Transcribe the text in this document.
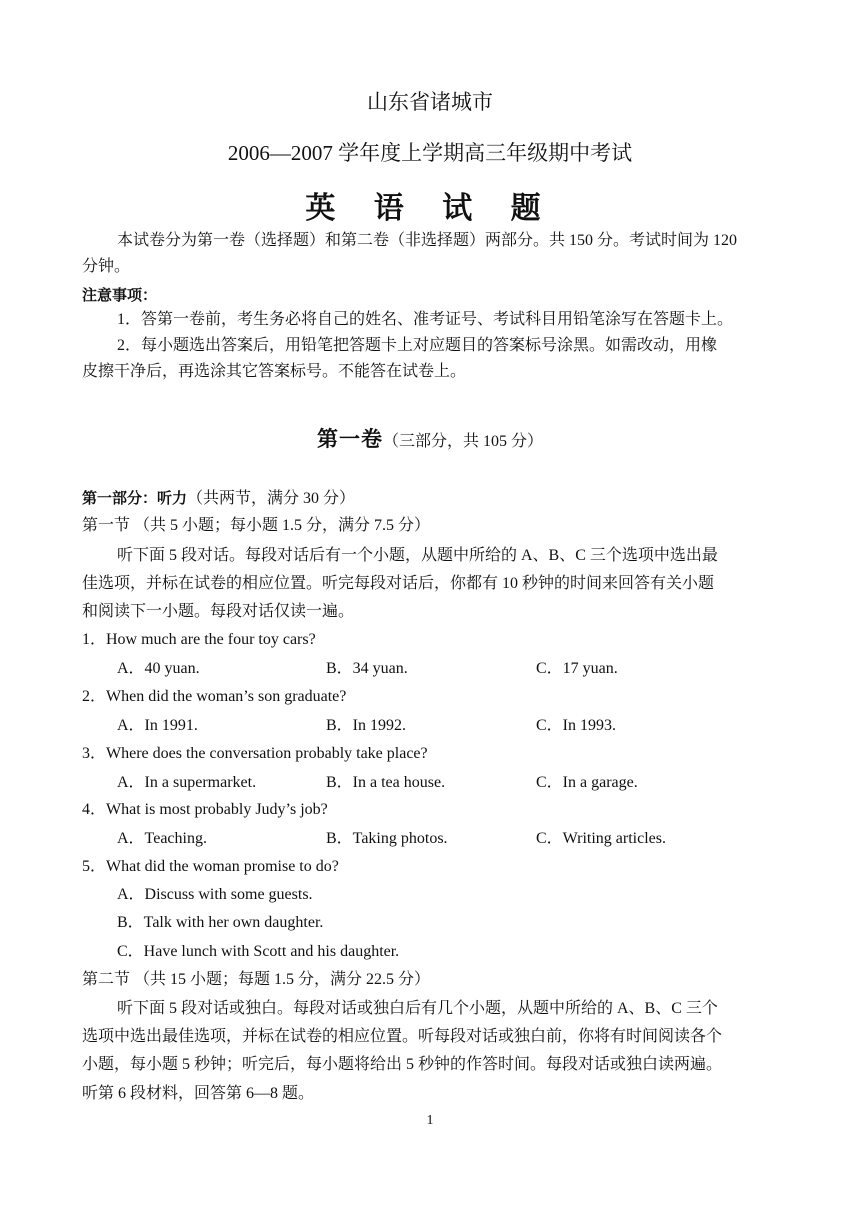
山东省诸城市
2006—2007 学年度上学期高三年级期中考试
英 语 试 题
本试卷分为第一卷（选择题）和第二卷（非选择题）两部分。共 150 分。考试时间为 120
分钟。
注意事项：
1．答第一卷前，考生务必将自己的姓名、准考证号、考试科目用铅笔涂写在答题卡上。
2．每小题选出答案后，用铅笔把答题卡上对应题目的答案标号涂黑。如需改动，用橡
皮擦干净后，再选涂其它答案标号。不能答在试卷上。
第一卷（三部分，共 105 分）
第一部分：听力（共两节，满分 30 分）
第一节 （共 5 小题；每小题 1.5 分，满分 7.5 分）
听下面 5 段对话。每段对话后有一个小题，从题中所给的 A、B、C 三个选项中选出最
佳选项，并标在试卷的相应位置。听完每段对话后，你都有 10 秒钟的时间来回答有关小题
和阅读下一小题。每段对话仅读一遍。
1．How much are the four toy cars?
A．40 yuan.	B．34 yuan.	C．17 yuan.
2．When did the woman’s son graduate?
A．In 1991.	B．In 1992.	C．In 1993.
3．Where does the conversation probably take place?
A．In a supermarket.	B．In a tea house.	C．In a garage.
4．What is most probably Judy’s job?
A．Teaching.	B．Taking photos.	C．Writing articles.
5．What did the woman promise to do?
A．Discuss with some guests.
B．Talk with her own daughter.
C．Have lunch with Scott and his daughter.
第二节 （共 15 小题；每题 1.5 分，满分 22.5 分）
听下面 5 段对话或独白。每段对话或独白后有几个小题，从题中所给的 A、B、C 三个
选项中选出最佳选项，并标在试卷的相应位置。听每段对话或独白前，你将有时间阅读各个
小题，每小题 5 秒钟；听完后，每小题将给出 5 秒钟的作答时间。每段对话或独白读两遍。
听第 6 段材料，回答第 6—8 题。
1
